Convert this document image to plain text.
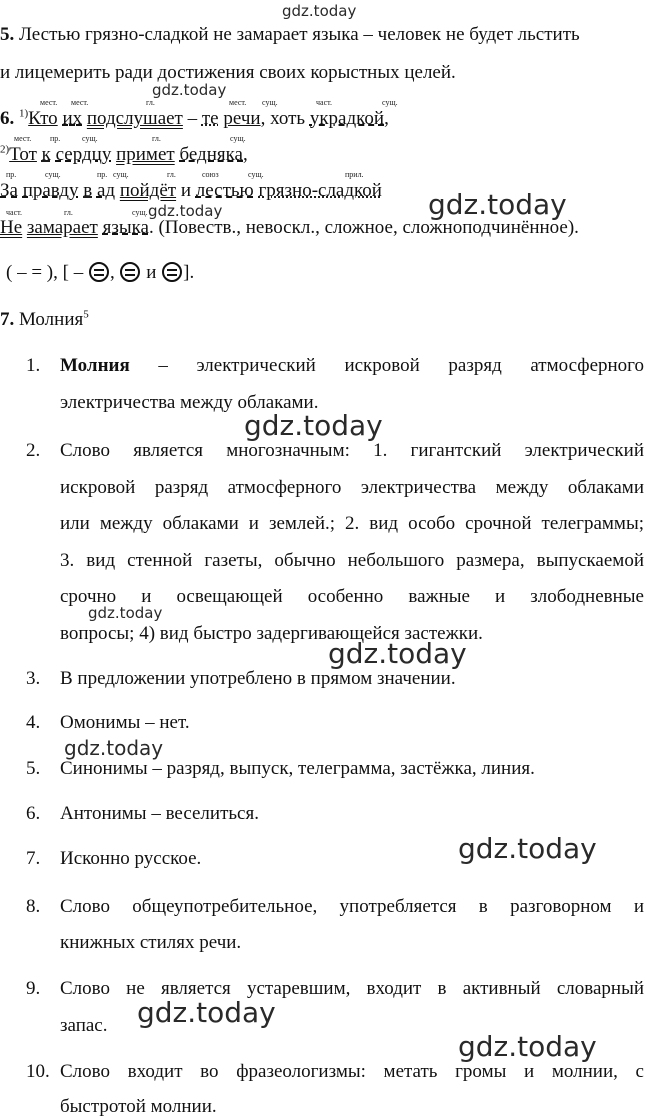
gdz.today
gdz.today
gdz.today	gdz.today
gdz.today
gdz.today
gdz.today
gdz.today
gdz.today
gdz.today
gdz.today
5. Лестью грязно-сладкой не замарает языка – человек не будет льстить
и лицемерить ради достижения своих корыстных целей.
мест. мест.	гл.	мест. сущ.	част.	сущ.
мест. пр.	сущ.	гл.	сущ.
пр.	сущ.	пр. сущ.	гл.	союз	сущ.	прил.
част.	гл.	сущ.
6. $^{1)}$Кто их подслушает – те речи, хоть украдкой,
$^{2)}$Тот к сердцу примет бедняка,
За правду в ад пойдёт и лестью грязно-сладкой
Не замарает языка. (Повеств., невоскл., сложное, сложноподчинённое).
( – = ), [ – , и ].
7. Молния$^5$
1. Молния – электрический искровой разряд атмосферного
электричества между облаками.
2. Слово является многозначным: 1. гигантский электрический
искровой разряд атмосферного электричества между облаками
или между облаками и землей.; 2. вид особо срочной телеграммы;
3. вид стенной газеты, обычно небольшого размера, выпускаемой
срочно и освещающей особенно важные и злободневные
вопросы; 4) вид быстро задергивающейся застежки.
3. В предложении употреблено в прямом значении.
4. Омонимы – нет.
5. Синонимы – разряд, выпуск, телеграмма, застёжка, линия.
6. Антонимы – веселиться.
7. Исконно русское.
8. Слово общеупотребительное, употребляется в разговорном и
книжных стилях речи.
9. Слово не является устаревшим, входит в активный словарный
запас.
10. Слово входит во фразеологизмы: метать громы и молнии, с
быстротой молнии.
